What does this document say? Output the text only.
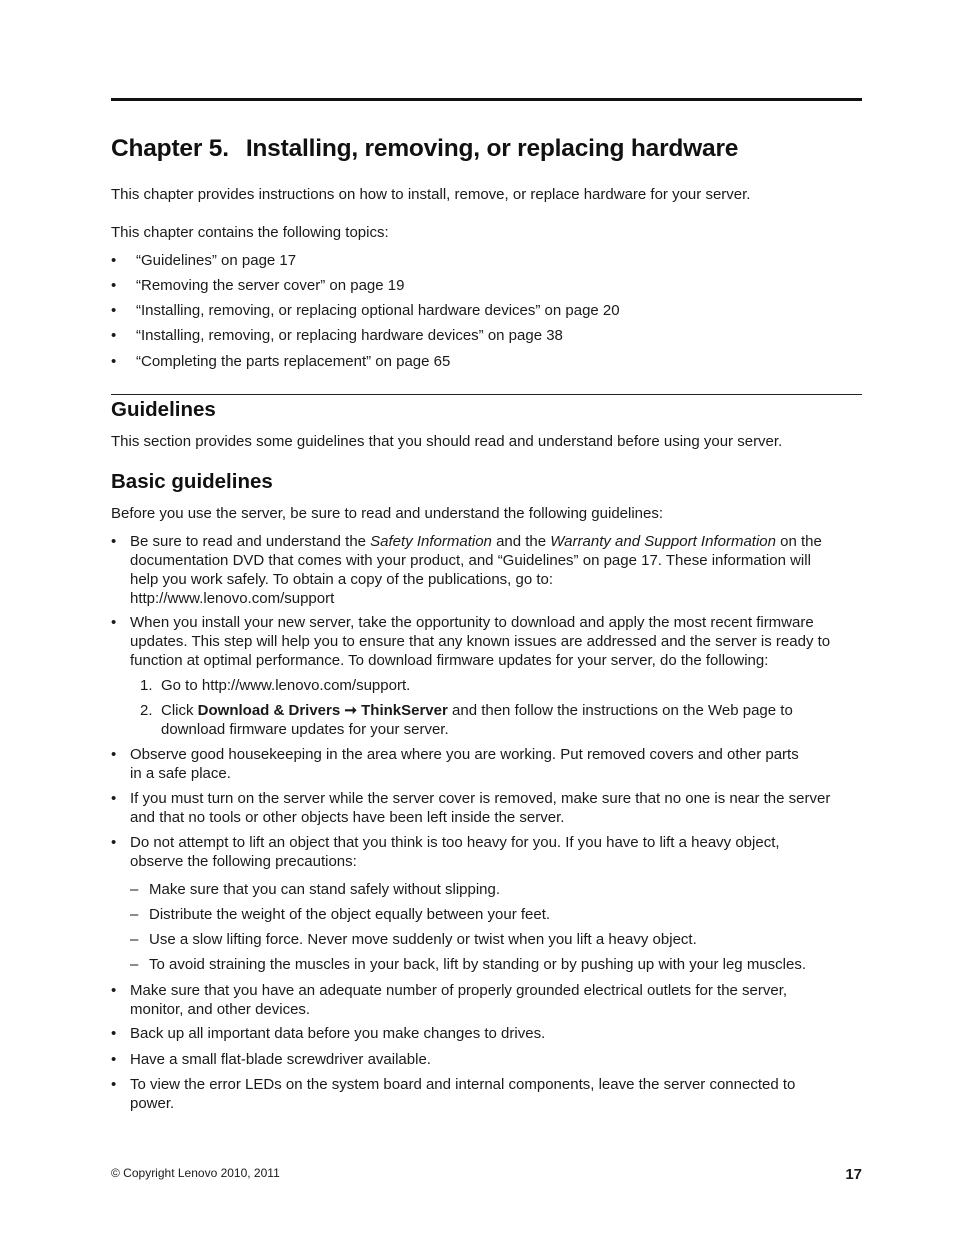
Chapter 5. Installing, removing, or replacing hardware

This chapter provides instructions on how to install, remove, or replace hardware for your server.

This chapter contains the following topics:

• “Guidelines” on page 17
• “Removing the server cover” on page 19
• “Installing, removing, or replacing optional hardware devices” on page 20
• “Installing, removing, or replacing hardware devices” on page 38
• “Completing the parts replacement” on page 65
Guidelines

This section provides some guidelines that you should read and understand before using your server.

Basic guidelines

Before you use the server, be sure to read and understand the following guidelines:

• Be sure to read and understand the Safety Information and the Warranty and Support Information on the
documentation DVD that comes with your product, and “Guidelines” on page 17. These information will
help you work safely. To obtain a copy of the publications, go to:
http://www.lenovo.com/support
• When you install your new server, take the opportunity to download and apply the most recent firmware
updates. This step will help you to ensure that any known issues are addressed and the server is ready to
function at optimal performance. To download firmware updates for your server, do the following:
1. Go to http://www.lenovo.com/support.
2. Click Download & Drivers ➞ ThinkServer and then follow the instructions on the Web page to
download firmware updates for your server.
• Observe good housekeeping in the area where you are working. Put removed covers and other parts
in a safe place.
• If you must turn on the server while the server cover is removed, make sure that no one is near the server
and that no tools or other objects have been left inside the server.
• Do not attempt to lift an object that you think is too heavy for you. If you have to lift a heavy object,
observe the following precautions:
– Make sure that you can stand safely without slipping.
– Distribute the weight of the object equally between your feet.
– Use a slow lifting force. Never move suddenly or twist when you lift a heavy object.
– To avoid straining the muscles in your back, lift by standing or by pushing up with your leg muscles.
• Make sure that you have an adequate number of properly grounded electrical outlets for the server,
monitor, and other devices.
• Back up all important data before you make changes to drives.
• Have a small flat-blade screwdriver available.
• To view the error LEDs on the system board and internal components, leave the server connected to
power.
© Copyright Lenovo 2010, 2011	17
